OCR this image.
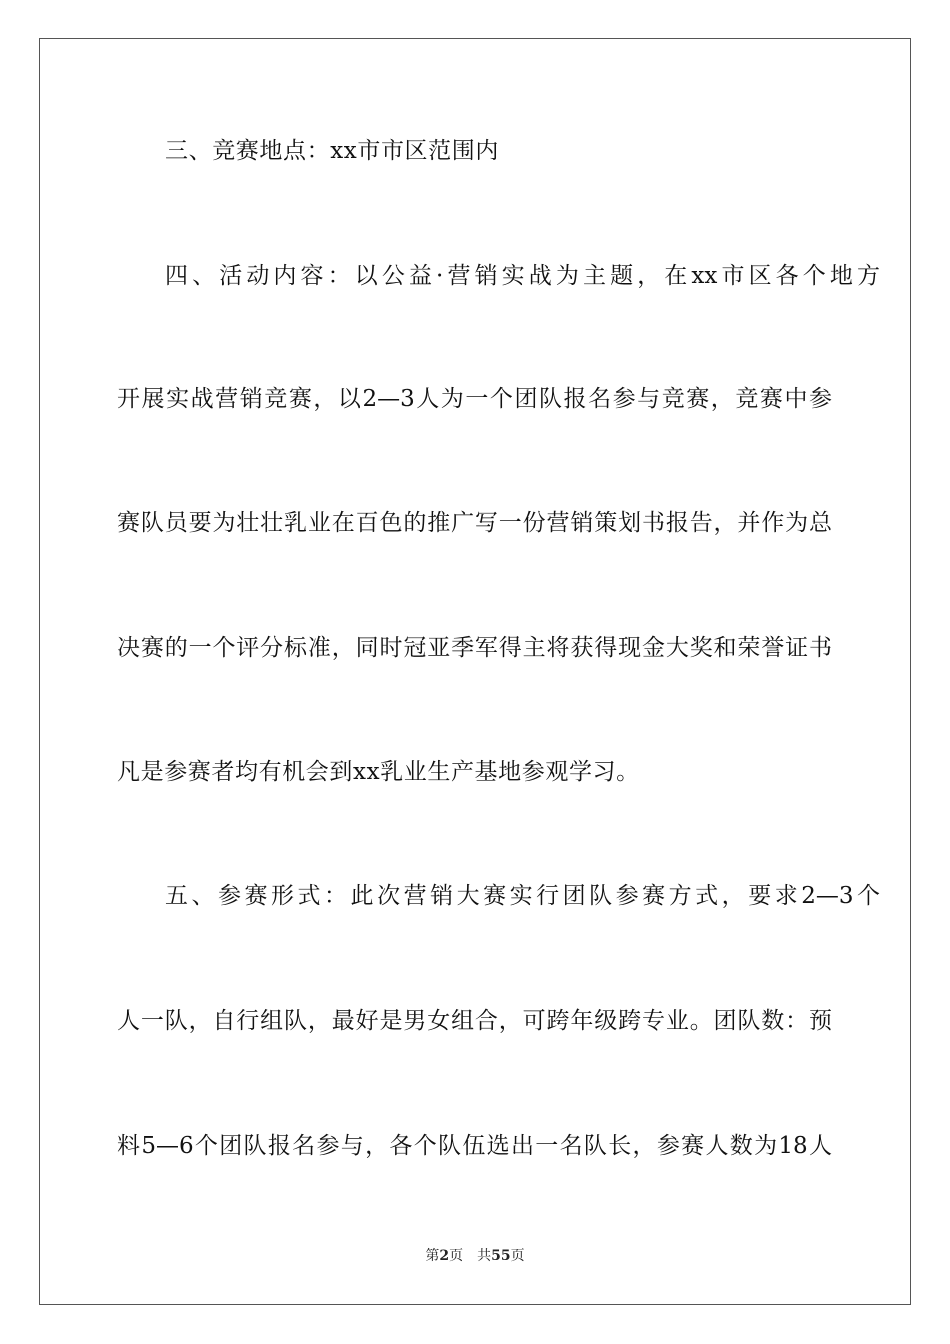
三、竞赛地点：xx市市区范围内
四、活动内容：以公益·营销实战为主题，在xx市区各个地方
开展实战营销竞赛，以2—3人为一个团队报名参与竞赛，竞赛中参
赛队员要为壮壮乳业在百色的推广写一份营销策划书报告，并作为总
决赛的一个评分标准，同时冠亚季军得主将获得现金大奖和荣誉证书
凡是参赛者均有机会到xx乳业生产基地参观学习。
五、参赛形式：此次营销大赛实行团队参赛方式，要求2—3个
人一队，自行组队，最好是男女组合，可跨年级跨专业。团队数：预
料5—6个团队报名参与，各个队伍选出一名队长，参赛人数为18人
第2页 共55页
